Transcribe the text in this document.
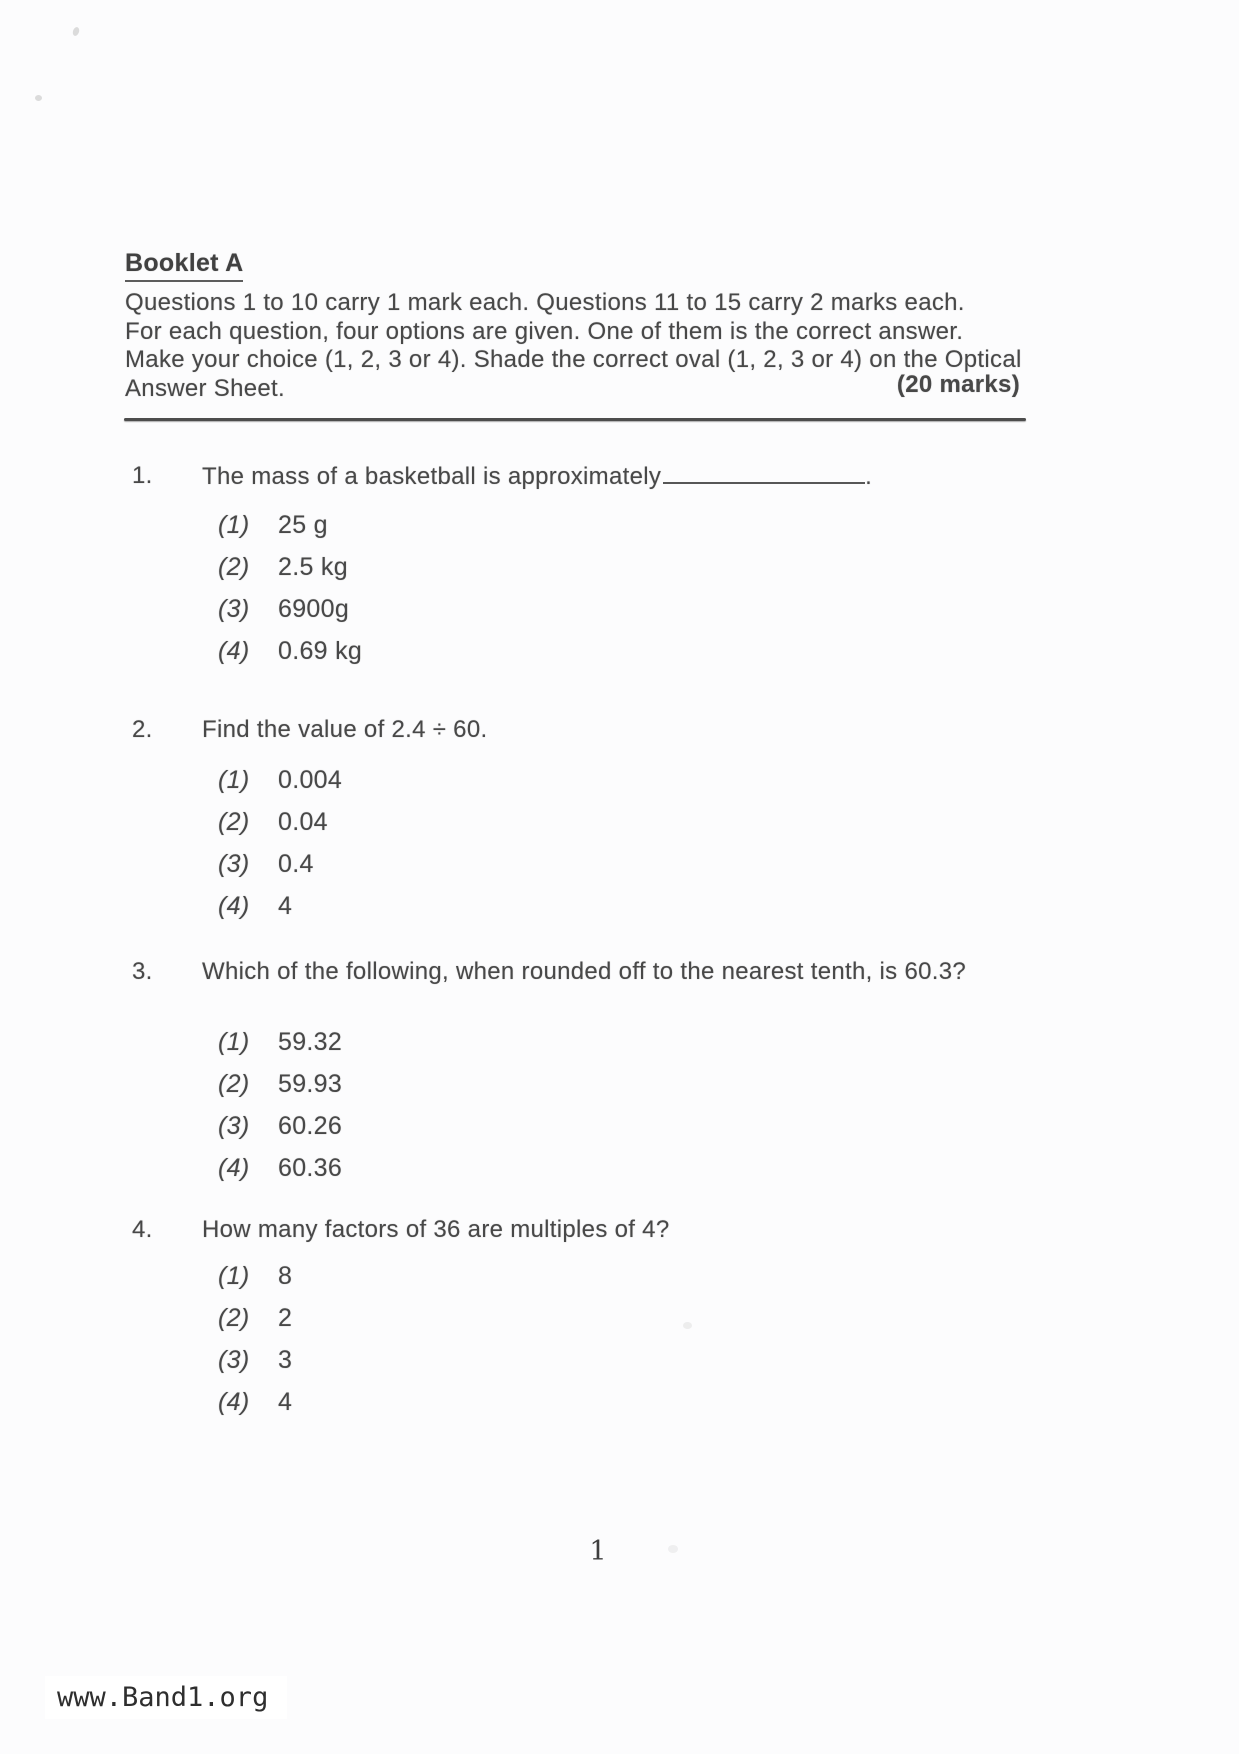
Booklet A
Questions 1 to 10 carry 1 mark each. Questions 11 to 15 carry 2 marks each.
For each question, four options are given. One of them is the correct answer.
Make your choice (1, 2, 3 or 4). Shade the correct oval (1, 2, 3 or 4) on the Optical
Answer Sheet.	(20 marks)
1. The mass of a basketball is approximately	.
(1)	25 g
(2)	2.5 kg
(3)	6900g
(4)	0.69 kg
2. Find the value of 2.4 ÷ 60.
(1)	0.004
(2)	0.04
(3)	0.4
(4)	4
3. Which of the following, when rounded off to the nearest tenth, is 60.3?
(1)	59.32
(2)	59.93
(3)	60.26
(4)	60.36
4. How many factors of 36 are multiples of 4?
(1)	8
(2)	2
(3)	3
(4)	4
1
www.Band1.org
